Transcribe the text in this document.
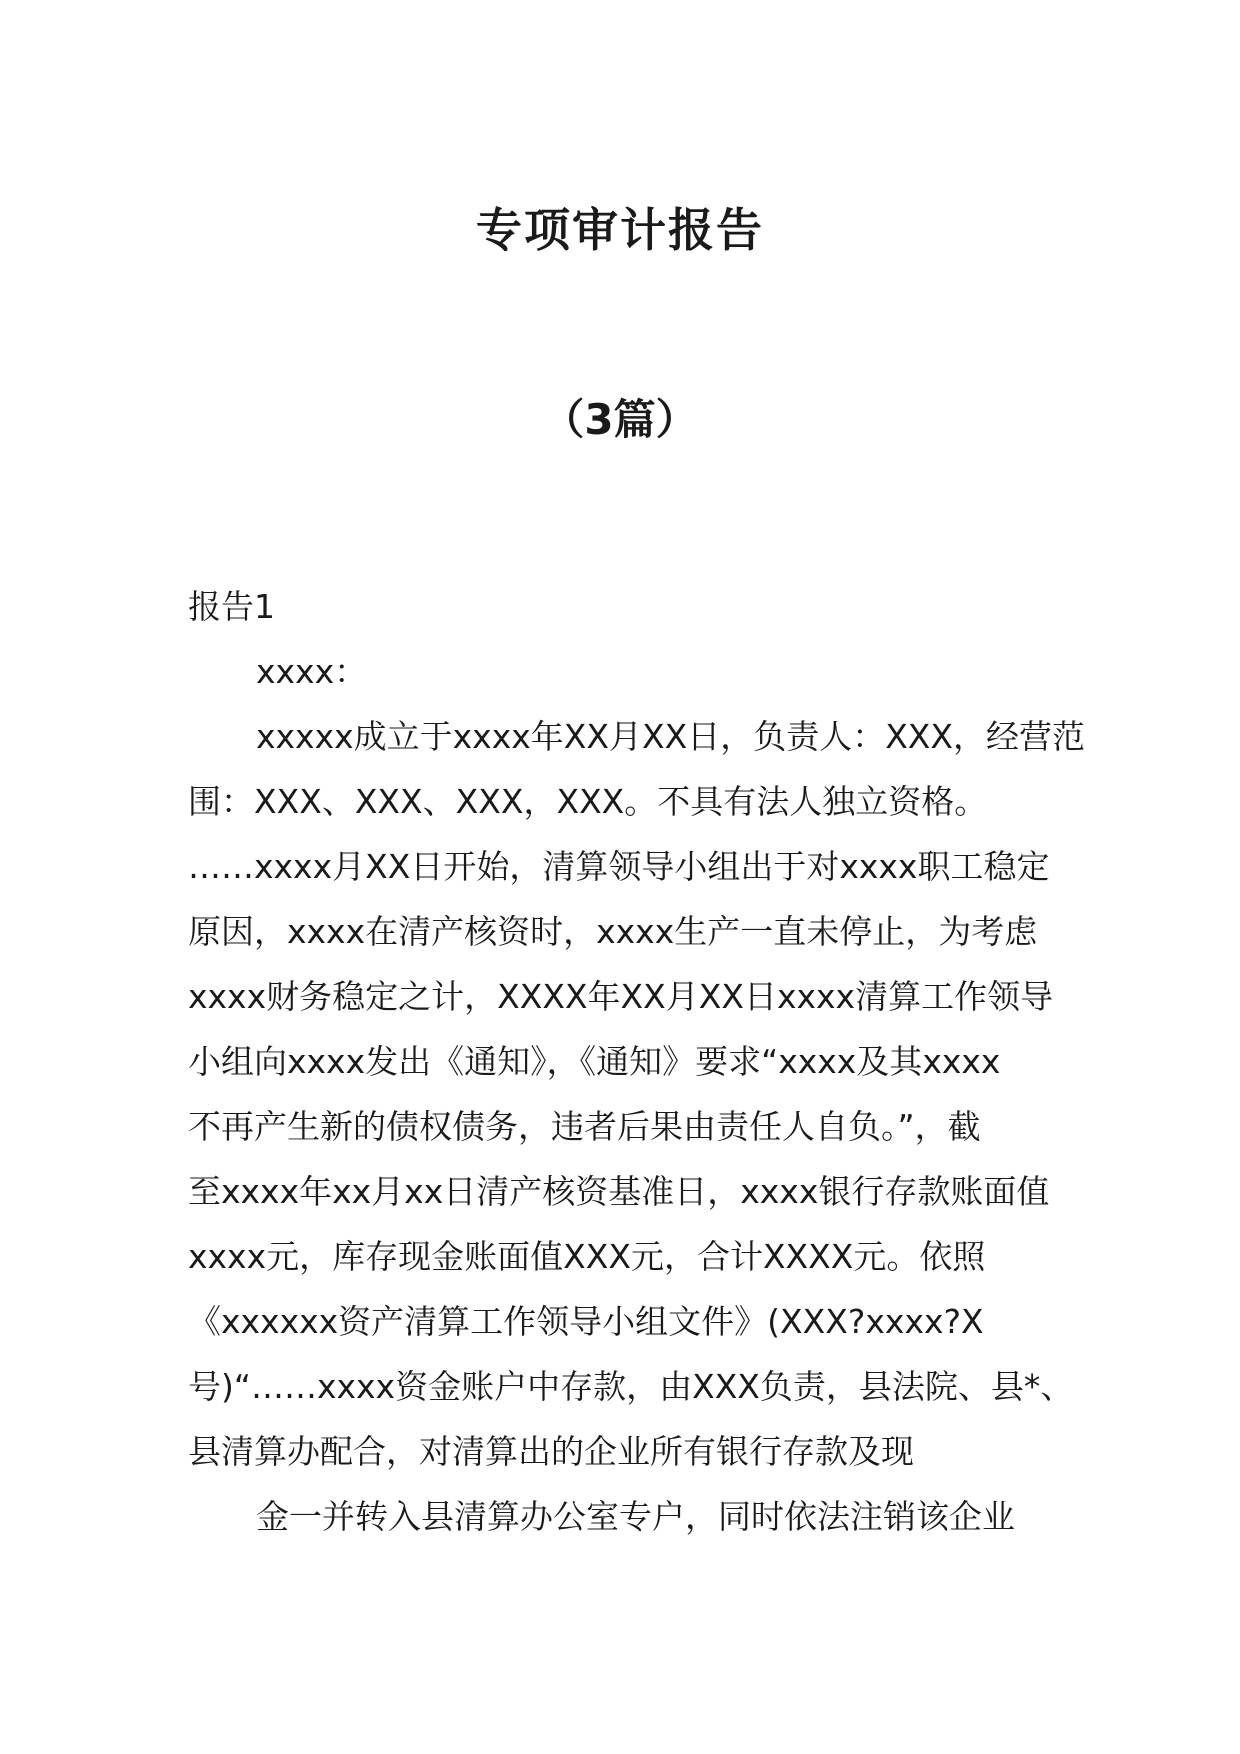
专项审计报告
（3篇）
报告1
xxxx：
xxxxx成立于xxxx年XX月XX日，负责人：XXX，经营范
围：XXX、XXX、XXX，XXX。不具有法人独立资格。
……xxxx月XX日开始，清算领导小组出于对xxxx职工稳定
原因，xxxx在清产核资时，xxxx生产一直未停止，为考虑
xxxx财务稳定之计，XXXX年XX月XX日xxxx清算工作领导
小组向xxxx发出《通知》，《通知》要求“xxxx及其xxxx
不再产生新的债权债务，违者后果由责任人自负。”，截
至xxxx年xx月xx日清产核资基准日，xxxx银行存款账面值
xxxx元，库存现金账面值XXX元，合计XXXX元。依照
《xxxxxx资产清算工作领导小组文件》(XXX?xxxx?X
号)“……xxxx资金账户中存款，由XXX负责，县法院、县*、
县清算办配合，对清算出的企业所有银行存款及现
金一并转入县清算办公室专户，同时依法注销该企业
